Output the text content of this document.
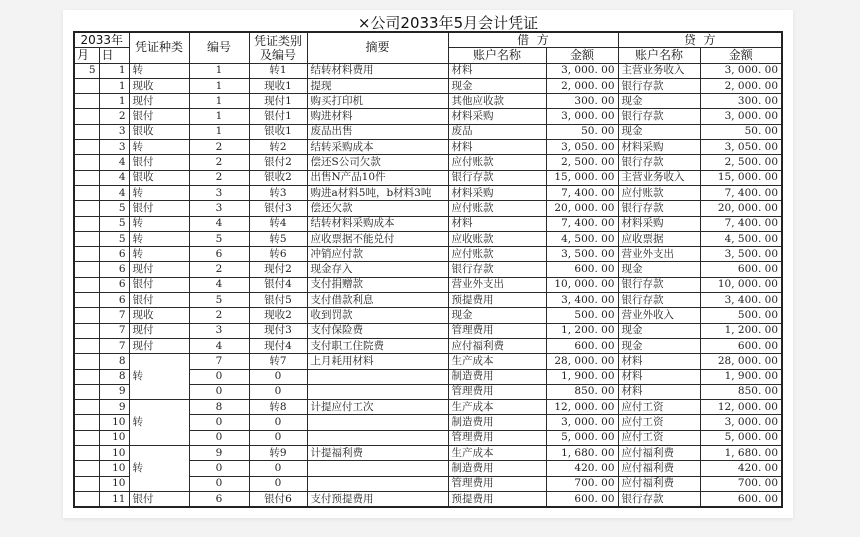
×公司2033年5月会计凭证
2033年		凭证种类	编号	凭证类别
及编号	摘要	借  方		贷  方	
月	日					账户名称	金额	账户名称	金额

5	1	转	1	转1	结转材料费用	材料	3, 000. 00	主营业务收入	3, 000. 00
	1	现收	1	现收1	提现	现金	2, 000. 00	银行存款	2, 000. 00
	1	现付	1	现付1	购买打印机	其他应收款	300. 00	现金	300. 00
	2	银付	1	银付1	购进材料	材料采购	3, 000. 00	银行存款	3, 000. 00
	3	银收	1	银收1	废品出售	废品	50. 00	现金	50. 00
	3	转	2	转2	结转采购成本	材料	3, 050. 00	材料采购	3, 050. 00
	4	银付	2	银付2	偿还S公司欠款	应付账款	2, 500. 00	银行存款	2, 500. 00
	4	银收	2	银收2	出售N产品10件	银行存款	15, 000. 00	主营业务收入	15, 000. 00
	4	转	3	转3	购进a材料5吨，b材料3吨	材料采购	7, 400. 00	应付账款	7, 400. 00
	5	银付	3	银付3	偿还欠款	应付账款	20, 000. 00	银行存款	20, 000. 00
	5	转	4	转4	结转材料采购成本	材料	7, 400. 00	材料采购	7, 400. 00
	5	转	5	转5	应收票据不能兑付	应收账款	4, 500. 00	应收票据	4, 500. 00
	6	转	6	转6	冲销应付款	应付账款	3, 500. 00	营业外支出	3, 500. 00
	6	现付	2	现付2	现金存入	银行存款	600. 00	现金	600. 00
	6	银付	4	银付4	支付捐赠款	营业外支出	10, 000. 00	银行存款	10, 000. 00
	6	银付	5	银付5	支付借款利息	预提费用	3, 400. 00	银行存款	3, 400. 00
	7	现收	2	现收2	收到罚款	现金	500. 00	营业外收入	500. 00
	7	现付	3	现付3	支付保险费	管理费用	1, 200. 00	现金	1, 200. 00
	7	现付	4	现付4	支付职工住院费	应付福利费	600. 00	现金	600. 00
	8	转	7	转7	上月耗用材料	生产成本	28, 000. 00	材料	28, 000. 00
	8		0	0		制造费用	1, 900. 00	材料	1, 900. 00
	9		0	0		管理费用	850. 00	材料	850. 00
	9	转	8	转8	计提应付工次	生产成本	12, 000. 00	应付工资	12, 000. 00
	10		0	0		制造费用	3, 000. 00	应付工资	3, 000. 00
	10		0	0		管理费用	5, 000. 00	应付工资	5, 000. 00
	10	转	9	转9	计提福利费	生产成本	1, 680. 00	应付福利费	1, 680. 00
	10		0	0		制造费用	420. 00	应付福利费	420. 00
	10		0	0		管理费用	700. 00	应付福利费	700. 00
	11	银付	6	银付6	支付预提费用	预提费用	600. 00	银行存款	600. 00
